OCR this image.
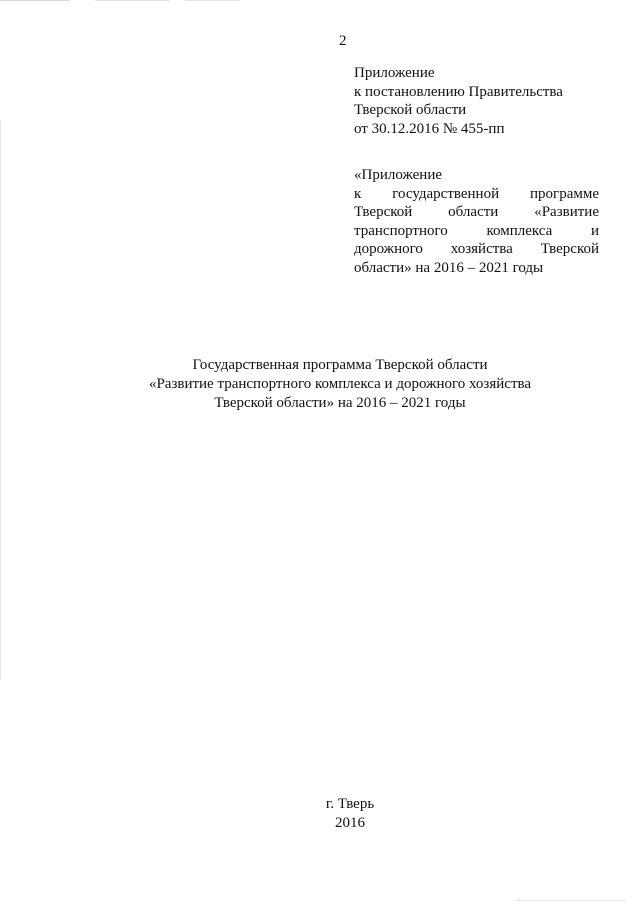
2
Приложение
к постановлению Правительства
Тверской области
от 30.12.2016 № 455-пп
«Приложение
к государственной программе
Тверской области «Развитие
транспортного комплекса и
дорожного хозяйства Тверской
области» на 2016 – 2021 годы
Государственная программа Тверской области
«Развитие транспортного комплекса и дорожного хозяйства
Тверской области» на 2016 – 2021 годы
г. Тверь
2016
